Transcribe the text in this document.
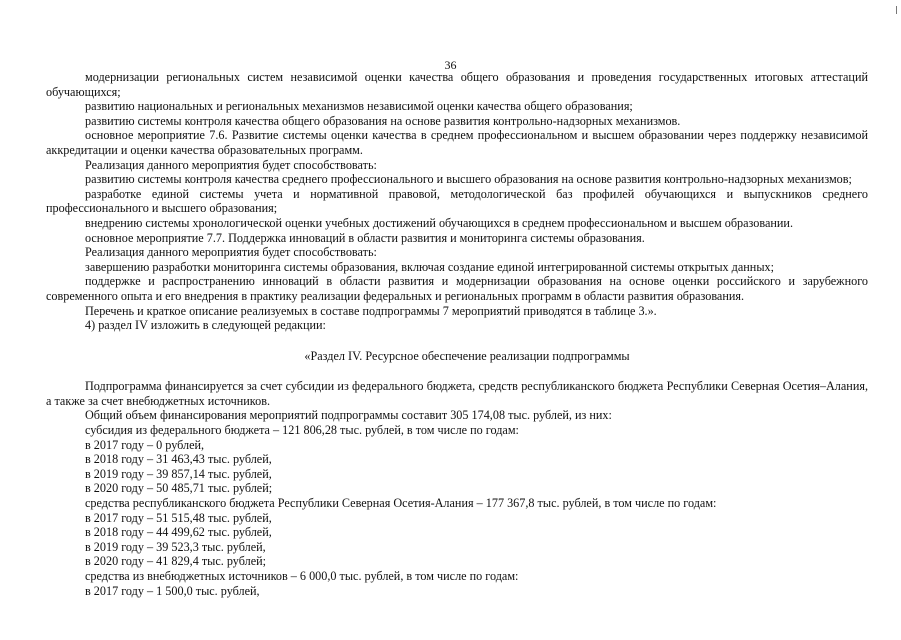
36

модернизации региональных систем независимой оценки качества общего образования и проведения государственных итоговых аттестаций обучающихся;

развитию национальных и региональных механизмов независимой оценки качества общего образования;

развитию системы контроля качества общего образования на основе развития контрольно-надзорных механизмов.

основное мероприятие 7.6. Развитие системы оценки качества в среднем профессиональном и высшем образовании через поддержку независимой аккредитации и оценки качества образовательных программ.

Реализация данного мероприятия будет способствовать:

развитию системы контроля качества среднего профессионального и высшего образования на основе развития контрольно-надзорных механизмов;

разработке единой системы учета и нормативной правовой, методологической баз профилей обучающихся и выпускников среднего профессионального и высшего образования;

внедрению системы хронологической оценки учебных достижений обучающихся в среднем профессиональном и высшем образовании.

основное мероприятие 7.7. Поддержка инноваций в области развития и мониторинга системы образования.

Реализация данного мероприятия будет способствовать:

завершению разработки мониторинга системы образования, включая создание единой интегрированной системы открытых данных;

поддержке и распространению инноваций в области развития и модернизации образования на основе оценки российского и зарубежного современного опыта и его внедрения в практику реализации федеральных и региональных программ в области развития образования.

Перечень и краткое описание реализуемых в составе подпрограммы 7 мероприятий приводятся в таблице 3.».

4) раздел IV изложить в следующей редакции:

«Раздел IV. Ресурсное обеспечение реализации подпрограммы

Подпрограмма финансируется за счет субсидии из федерального бюджета, средств республиканского бюджета Республики Северная Осетия–Алания, а также за счет внебюджетных источников.

Общий объем финансирования мероприятий подпрограммы составит 305 174,08 тыс. рублей, из них:

субсидия из федерального бюджета – 121 806,28 тыс. рублей, в том числе по годам:

в 2017 году – 0 рублей,

в 2018 году – 31 463,43 тыс. рублей,

в 2019 году – 39 857,14 тыс. рублей,

в 2020 году – 50 485,71 тыс. рублей;

средства республиканского бюджета Республики Северная Осетия-Алания – 177 367,8 тыс. рублей, в том числе по годам:

в 2017 году – 51 515,48 тыс. рублей,

в 2018 году – 44 499,62 тыс. рублей,

в 2019 году – 39 523,3 тыс. рублей,

в 2020 году – 41 829,4 тыс. рублей;

средства из внебюджетных источников – 6 000,0 тыс. рублей, в том числе по годам:

в 2017 году – 1 500,0 тыс. рублей,
